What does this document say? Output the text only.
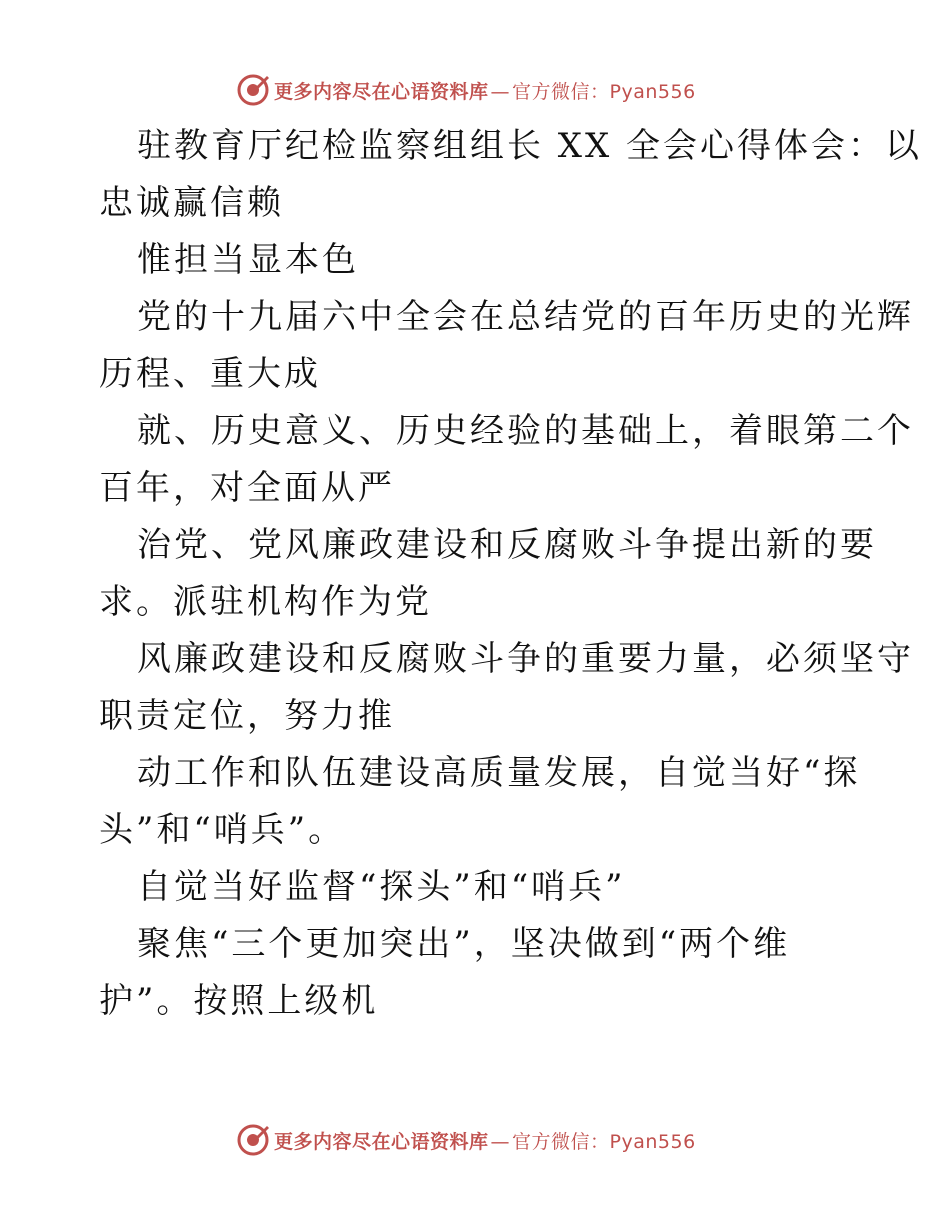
更多内容尽在心语资料库 — 官方微信：Pyan556
驻教育厅纪检监察组组长 XX 全会心得体会：以
忠诚赢信赖
惟担当显本色
党的十九届六中全会在总结党的百年历史的光辉
历程、重大成
就、历史意义、历史经验的基础上，着眼第二个
百年，对全面从严
治党、党风廉政建设和反腐败斗争提出新的要
求。派驻机构作为党
风廉政建设和反腐败斗争的重要力量，必须坚守
职责定位，努力推
动工作和队伍建设高质量发展，自觉当好“探
头”和“哨兵”。
自觉当好监督“探头”和“哨兵”
聚焦“三个更加突出”，坚决做到“两个维
护”。按照上级机
更多内容尽在心语资料库 — 官方微信：Pyan556
